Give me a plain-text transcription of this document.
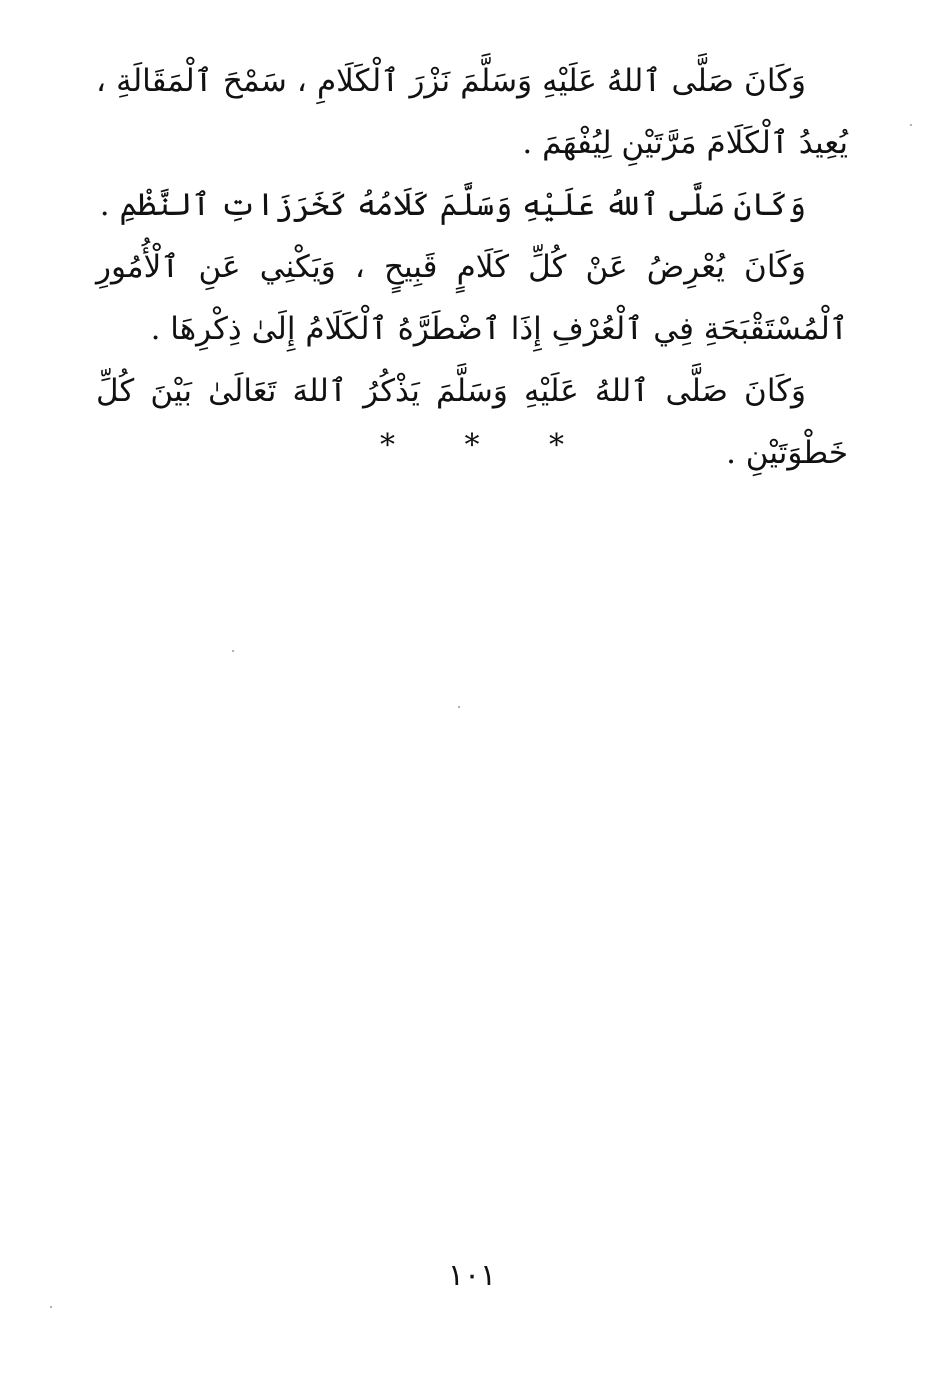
وَكَانَ صَلَّى ٱللهُ عَلَيْهِ وَسَلَّمَ نَزْرَ ٱلْكَلَامِ ، سَمْحَ ٱلْمَقَالَةِ ، يُعِيدُ ٱلْكَلَامَ مَرَّتَيْنِ لِيُفْهَمَ .

وَكَانَ صَلَّى ٱللهُ عَلَيْهِ وَسَلَّمَ كَلَامُهُ كَخَرَزَاتِ ٱلنَّظْمِ .

وَكَانَ يُعْرِضُ عَنْ كُلِّ كَلَامٍ قَبِيحٍ ، وَيَكْنِي عَنِ ٱلْأُمُورِ ٱلْمُسْتَقْبَحَةِ فِي ٱلْعُرْفِ إِذَا ٱضْطَرَّهُ ٱلْكَلَامُ إِلَىٰ ذِكْرِهَا .

وَكَانَ صَلَّى ٱللهُ عَلَيْهِ وَسَلَّمَ يَذْكُرُ ٱللهَ تَعَالَىٰ بَيْنَ كُلِّ خَطْوَتَيْنِ .

* * *
١٠١
